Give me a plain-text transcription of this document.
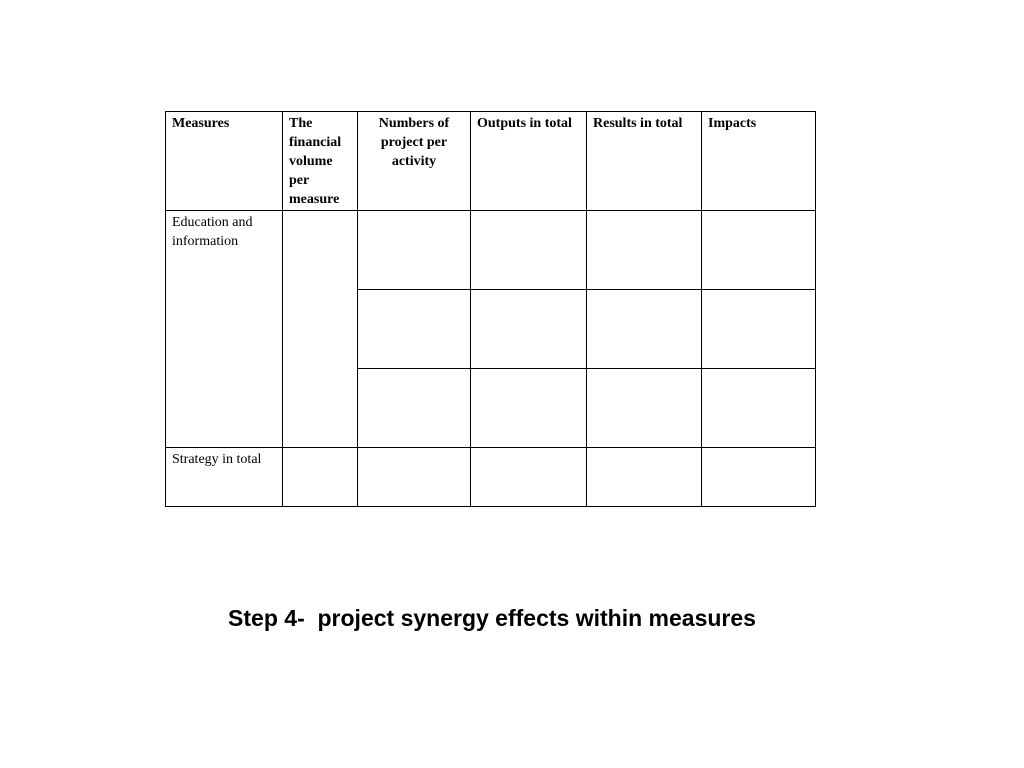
Measures	The financial volume per measure	Numbers of project per activity	Outputs in total	Results in total	Impacts
Education and information					

Strategy in total					
Step 4-  project synergy effects within measures
